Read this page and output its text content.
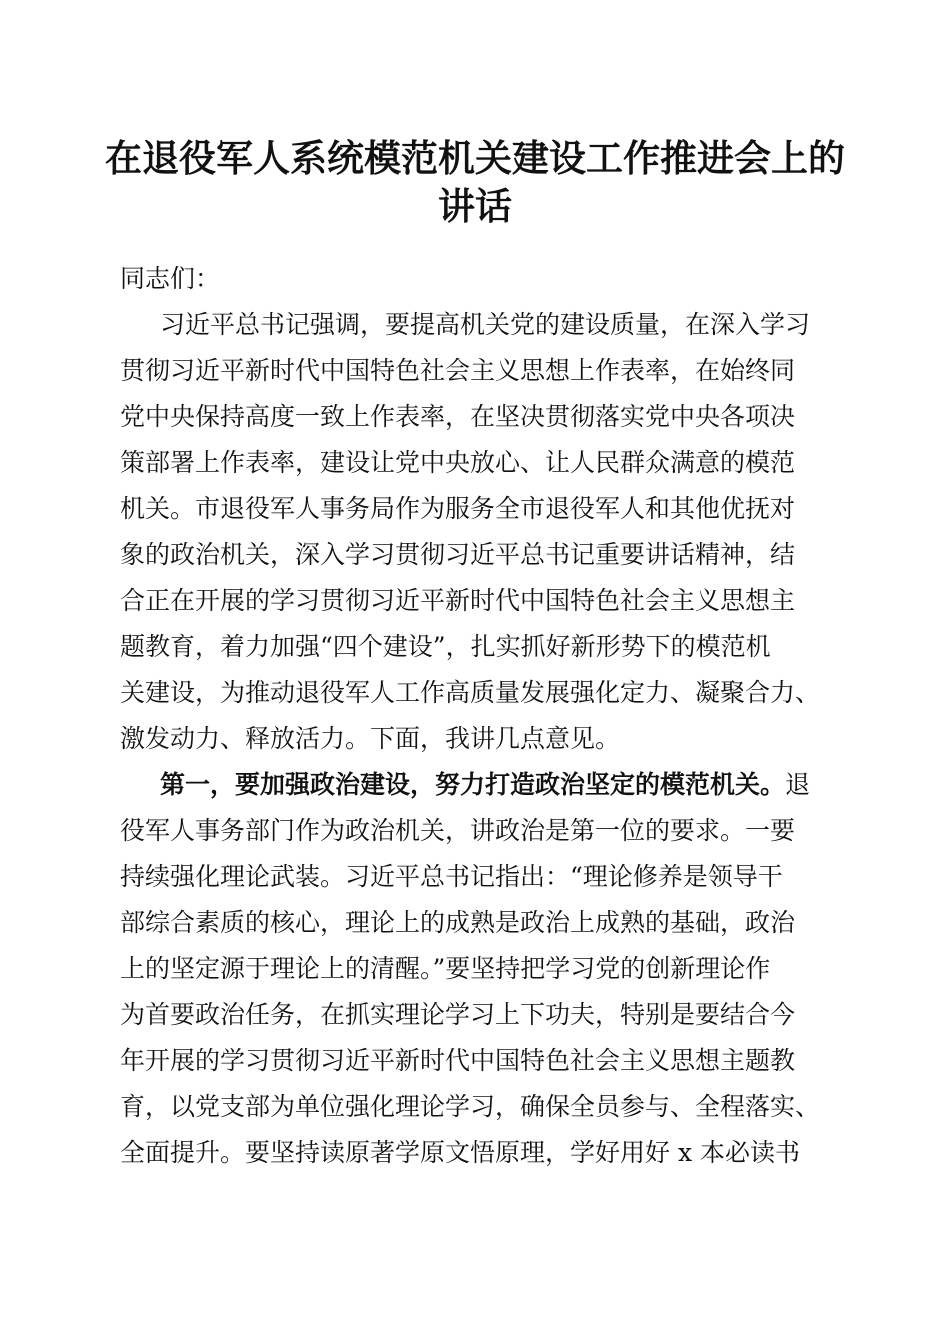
在退役军人系统模范机关建设工作推进会上的
讲话
同志们：
习近平总书记强调，要提高机关党的建设质量，在深入学习
贯彻习近平新时代中国特色社会主义思想上作表率，在始终同
党中央保持高度一致上作表率，在坚决贯彻落实党中央各项决
策部署上作表率，建设让党中央放心、让人民群众满意的模范
机关。市退役军人事务局作为服务全市退役军人和其他优抚对
象的政治机关，深入学习贯彻习近平总书记重要讲话精神，结
合正在开展的学习贯彻习近平新时代中国特色社会主义思想主
题教育，着力加强“四个建设”，扎实抓好新形势下的模范机
关建设，为推动退役军人工作高质量发展强化定力、凝聚合力、
激发动力、释放活力。下面，我讲几点意见。
第一，要加强政治建设，努力打造政治坚定的模范机关。退
役军人事务部门作为政治机关，讲政治是第一位的要求。一要
持续强化理论武装。习近平总书记指出：“理论修养是领导干
部综合素质的核心，理论上的成熟是政治上成熟的基础，政治
上的坚定源于理论上的清醒。”要坚持把学习党的创新理论作
为首要政治任务，在抓实理论学习上下功夫，特别是要结合今
年开展的学习贯彻习近平新时代中国特色社会主义思想主题教
育，以党支部为单位强化理论学习，确保全员参与、全程落实、
全面提升。要坚持读原著学原文悟原理，学好用好 x 本必读书
